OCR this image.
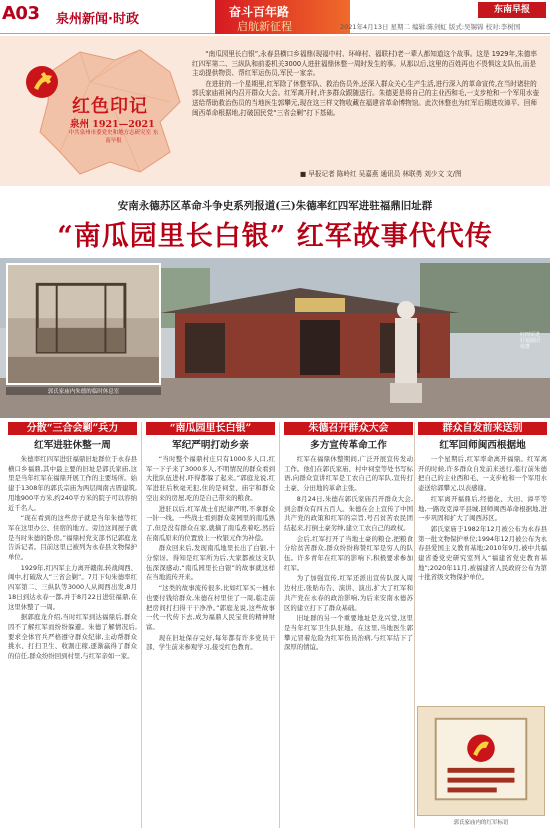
A03 泉州新闻·时政	奋斗百年路
启航新征程
东南早报
2021年4月13日 星期二 编辑:陈剑虹 版式:吴锡锦 校对:李树国
红色印记
泉州 1921—2021
中共泉州市委党史和地方志研究室 东南早报

“南瓜园里长白银”,永春县横口乡福鼎(现福中村、环峰村、福联村)老一辈人都知道这个故事。这是 1929年,朱德率红四军第二、三纵队和前委机关3000人进驻福鼎休整一周时发生的事。从那以后,这里的百姓再也不畏惧这支队伍,而是主动提供物资、帮红军运伤员,军民一家亲。

在进驻的一个星期里,红军除了休整军队、救治伤员外,还深入群众关心生产生活,进行深入的革命宣传,在当时诸驻的郭氏家庙祖祠内召开群众大会。红军离开时,许多群众跟随送行。朱德更是将自己的主业西和毛,一支步枪和一个军用水壶送给帮助救治伤员的当地医生郭攀元,现在这三样文物收藏在福建省革命博物馆。此次休整也为红军后期进攻漳平、回师闽西革命根据地,打破国民党“三省会剿”打下基础。

■ 早报记者 陈岭红 吴嘉燕 通讯员 林联勇 刘少文 文/图
安南永德苏区革命斗争史系列报道(三)朱德率红四军进驻福鼎旧址群
“南瓜园里长白银” 红军故事代代传
郭氏家庙内朱德的临时休息室
红四军进驻福鼎旧址群
分散“三合会剿”兵力
红军进驻休整一周

朱德率红四军进驻福鼎旧址群位于永春县横口乡福鼎,其中最主要的旧址是郭氏家庙,这里是当年红军在福鼎开展工作的主要场所。始建于1308年的郭氏宗庙为两层闽南古厝建筑,用地900平方米,约240平方米的院子可以容纳近千名人。

“现在看到的这些房子就是当年朱德等红军在这里办公、住宿的地方。旁边这间屋子就是当时朱德的卧房。”福鼎村党支部书记郭庭龙告诉记者。目前这里已被列为永春县文物保护单位。

1929年,红四军主力离开赣南,转战闽西、闽中,打破敌人“三省会剿”。7月下旬朱德率红四军第二、三纵队等3000人从闽西出发,8月18日到达永春一都,并于8月22日进驻福鼎,在这里休整了一周。

据郭庭龙介绍,当时红军到达福鼎后,群众因不了解红军而纷纷躲避。朱德了解情况后,要求全体官兵严格遵守群众纪律,主动帮群众挑水、打扫卫生、收割庄稼,逐渐赢得了群众的信任,群众纷纷回到村里,与红军亲如一家。

“南瓜园里长白银”
军纪严明打动乡亲

“当时整个福鼎村庄只有1000多人口,红军一下子来了3000多人,不明情况的群众看到大批队伍进村,吓得都躲了起来。”郭庭龙说,红军进驻后秋毫无犯,住的是祠堂、庙宇和群众空出来的房屋,吃的是自己带来的粮食。

进驻以后,红军战士们纪律严明,不拿群众一针一线。一些战士看到群众菜园里的南瓜熟了,但是没有群众在家,就摘了南瓜煮着吃,然后在南瓜原来的位置放上一枚银元作为补偿。

群众回来后,发现南瓜地里长出了白银,十分惊讶。得知是红军所为后,大家都被这支队伍深深感动,“南瓜园里长白银”的故事就这样在当地流传开来。

“这类的故事流传很多,比如红军买一桶水也要付钱给群众,朱德在村里住了一周,临走前把房间打扫得干干净净。”郭庭龙说,这些故事一代一代传下去,成为福鼎人民宝贵的精神财富。

现在旧址保存完好,每年都有许多党员干部、学生前来参观学习,接受红色教育。

朱德召开群众大会
多方宣传革命工作

红军在福鼎休整期间,广泛开展宣传发动工作。他们在郭氏家庙、村中祠堂等处书写标语,向群众宣讲红军是工农自己的军队,宣传打土豪、分田地的革命主张。

8月24日,朱德在郭氏家庙召开群众大会,到会群众有四五百人。朱德在会上宣传了中国共产党的政策和红军的宗旨,号召贫苦农民团结起来,打倒土豪劣绅,建立工农自己的政权。

会后,红军打开了当地土豪的粮仓,把粮食分给贫苦群众,群众纷纷称赞红军是穷人的队伍。许多青年在红军的影响下,积极要求参加红军。

为了加强宣传,红军还派出宣传队深入周边村庄,张贴布告、演讲、演出,扩大了红军和共产党在永春的政治影响,为后来安南永德苏区的建立打下了群众基础。

旧址群的另一个重要地址是龙兴堂,这里是当年红军卫生队驻地。在这里,当地医生郭攀元冒着危险为红军伤员治病,与红军结下了深厚的情谊。

群众自发前来送别
红军回师闽西根据地

一个星期后,红军率命离开福鼎。红军离开的时候,许多群众自发前来送行,临行前朱德把自己的主业西和毛、一支步枪和一个军用水壶送给郭攀元,以表感谢。

红军离开福鼎后,经德化、大田、漳平等地,一路攻克漳平县城,回师闽西革命根据地,进一步巩固和扩大了闽西苏区。

郭氏家庙于1982年12月被公布为永春县第一批文物保护单位;1994年12月被公布为永春县爱国主义教育基地;2010年9月,被中共福建省委党史研究室列入“福建省党史教育基地”;2020年11月,被福建省人民政府公布为第十批省级文物保护单位。

郭氏家庙内的红军标语
